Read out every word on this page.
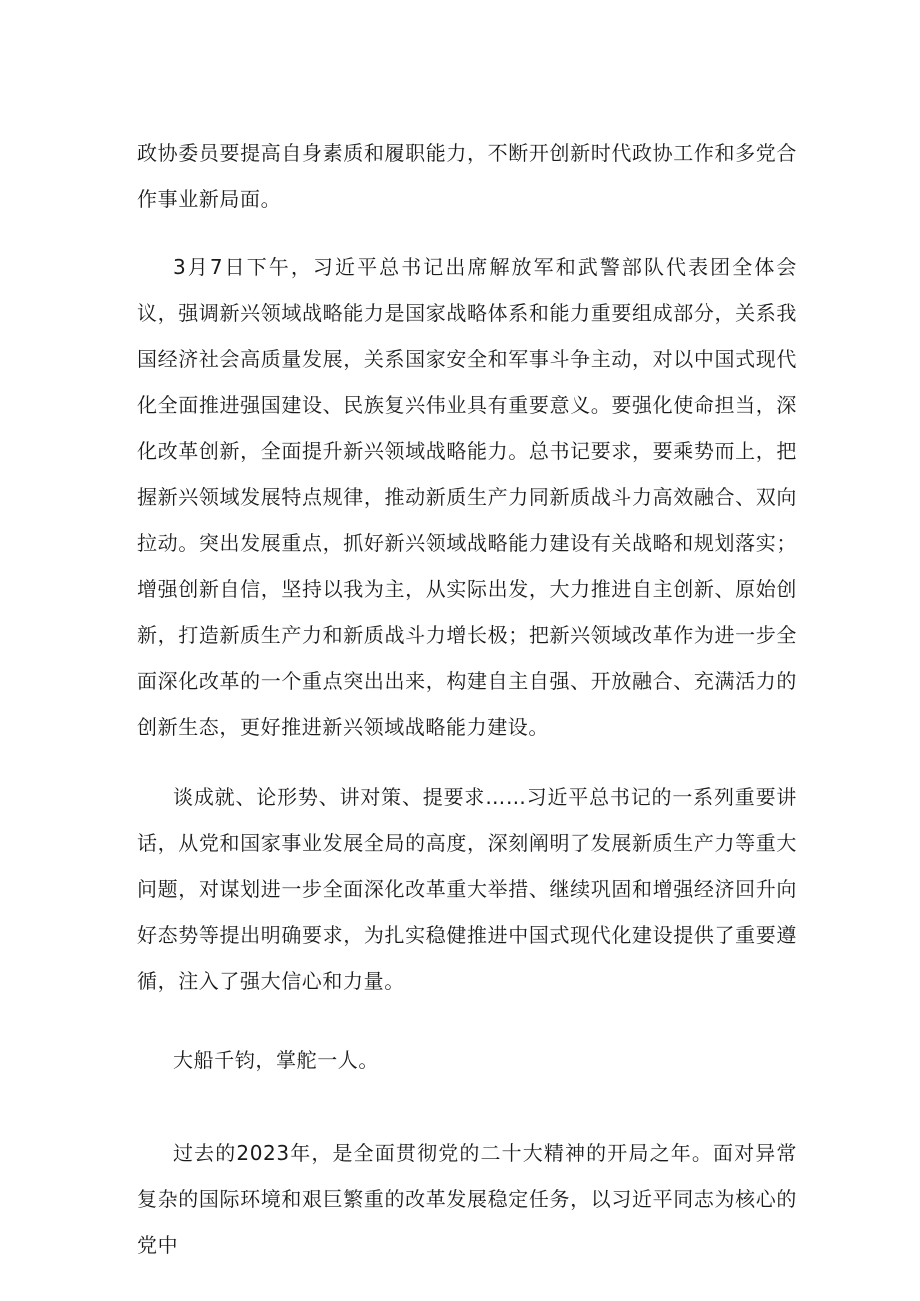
政协委员要提高自身素质和履职能力，不断开创新时代政协工作和多党合作事业新局面。

3月7日下午，习近平总书记出席解放军和武警部队代表团全体会议，强调新兴领域战略能力是国家战略体系和能力重要组成部分，关系我国经济社会高质量发展，关系国家安全和军事斗争主动，对以中国式现代化全面推进强国建设、民族复兴伟业具有重要意义。要强化使命担当，深化改革创新，全面提升新兴领域战略能力。总书记要求，要乘势而上，把握新兴领域发展特点规律，推动新质生产力同新质战斗力高效融合、双向拉动。突出发展重点，抓好新兴领域战略能力建设有关战略和规划落实；增强创新自信，坚持以我为主，从实际出发，大力推进自主创新、原始创新，打造新质生产力和新质战斗力增长极；把新兴领域改革作为进一步全面深化改革的一个重点突出出来，构建自主自强、开放融合、充满活力的创新生态，更好推进新兴领域战略能力建设。

谈成就、论形势、讲对策、提要求……习近平总书记的一系列重要讲话，从党和国家事业发展全局的高度，深刻阐明了发展新质生产力等重大问题，对谋划进一步全面深化改革重大举措、继续巩固和增强经济回升向好态势等提出明确要求，为扎实稳健推进中国式现代化建设提供了重要遵循，注入了强大信心和力量。

大船千钧，掌舵一人。

过去的2023年，是全面贯彻党的二十大精神的开局之年。面对异常复杂的国际环境和艰巨繁重的改革发展稳定任务，以习近平同志为核心的党中
